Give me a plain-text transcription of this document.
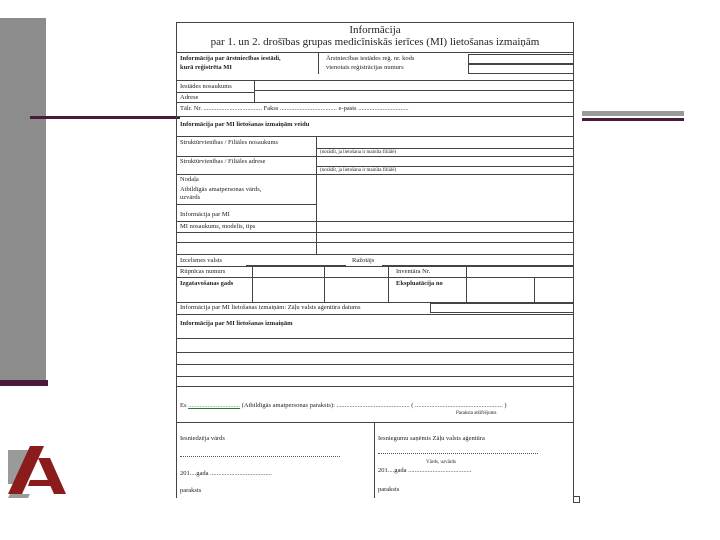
Informācija
par 1. un 2. drošības grupas medicīniskās ierīces (MI) lietošanas izmaiņām
Informācija par ārstniecības iestādi,
kurā reģistrēta MI
Ārstniecības iestādes reģ. nr. kods
vienotais reģistrācijas numurs
Iestādes nosaukums
Adrese
Tālr. Nr. .................................... Fakss ................................... e-pasts ...............................
Informācija par MI lietošanas izmaiņām veidu
Struktūrvienības / Filiāles nosaukums
(norādīt, ja lietošana ir mainīta filiālē)
Struktūrvienības / Filiāles adrese
(norādīt, ja lietošana ir mainīta filiālē)
Nodaļa
Atbildīgās amatpersonas vārds,
uzvārds
Informācija par MI
MI nosaukums, modelis, tips
Izcelsmes valsts	Ražotājs
Rūpnīcas numurs	Inventāra Nr.
Izgatavošanas gads	Ekspluatācija no
Informācija par MI lietošanas izmaiņām: Zāļu valsts aģentūra datums
Informācija par MI lietošanas izmaiņām
Es ................................ (Atbildīgās amatpersonas paraksts): ............................................. ( ...................................................... )
Paraksta atšifrējums
Iesniedzēja vārds	Iesniegumu saņēmis Zāļu valsts aģentūra
Vārds, uzvārds
201....gada ......................................	201....gada .......................................
paraksts	paraksts
